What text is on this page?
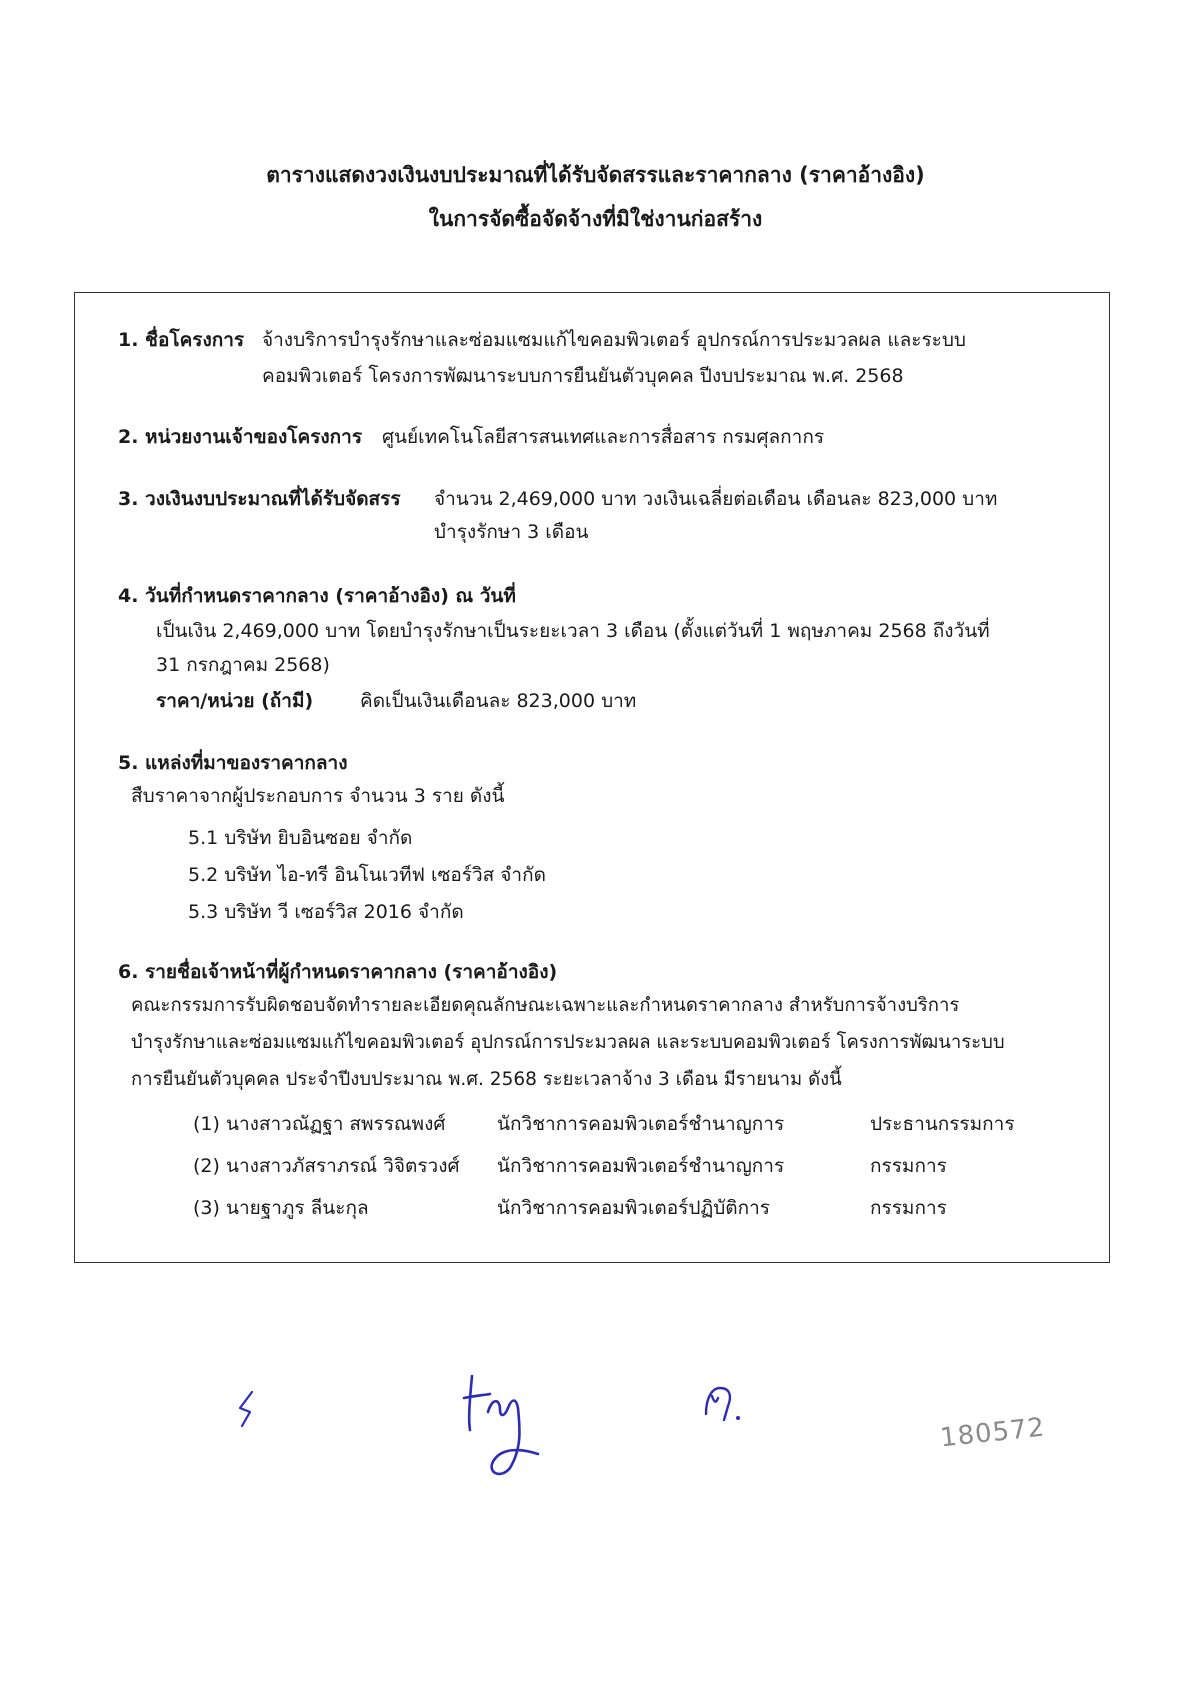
ตารางแสดงวงเงินงบประมาณที่ได้รับจัดสรรและราคากลาง (ราคาอ้างอิง)
ในการจัดซื้อจัดจ้างที่มิใช่งานก่อสร้าง
1. ชื่อโครงการ จ้างบริการบำรุงรักษาและซ่อมแซมแก้ไขคอมพิวเตอร์ อุปกรณ์การประมวลผล และระบบ
คอมพิวเตอร์ โครงการพัฒนาระบบการยืนยันตัวบุคคล ปีงบประมาณ พ.ศ. 2568
2. หน่วยงานเจ้าของโครงการ ศูนย์เทคโนโลยีสารสนเทศและการสื่อสาร กรมศุลกากร
3. วงเงินงบประมาณที่ได้รับจัดสรร จำนวน 2,469,000 บาท วงเงินเฉลี่ยต่อเดือน เดือนละ 823,000 บาท
บำรุงรักษา 3 เดือน
4. วันที่กำหนดราคากลาง (ราคาอ้างอิง) ณ วันที่
เป็นเงิน 2,469,000 บาท โดยบำรุงรักษาเป็นระยะเวลา 3 เดือน (ตั้งแต่วันที่ 1 พฤษภาคม 2568 ถึงวันที่
31 กรกฎาคม 2568)
ราคา/หน่วย (ถ้ามี) คิดเป็นเงินเดือนละ 823,000 บาท
5. แหล่งที่มาของราคากลาง
สืบราคาจากผู้ประกอบการ จำนวน 3 ราย ดังนี้
5.1 บริษัท ยิบอินซอย จำกัด
5.2 บริษัท ไอ-ทรี อินโนเวทีฟ เซอร์วิส จำกัด
5.3 บริษัท วี เซอร์วิส 2016 จำกัด
6. รายชื่อเจ้าหน้าที่ผู้กำหนดราคากลาง (ราคาอ้างอิง)
คณะกรรมการรับผิดชอบจัดทำรายละเอียดคุณลักษณะเฉพาะและกำหนดราคากลาง สำหรับการจ้างบริการ
บำรุงรักษาและซ่อมแซมแก้ไขคอมพิวเตอร์ อุปกรณ์การประมวลผล และระบบคอมพิวเตอร์ โครงการพัฒนาระบบ
การยืนยันตัวบุคคล ประจำปีงบประมาณ พ.ศ. 2568 ระยะเวลาจ้าง 3 เดือน มีรายนาม ดังนี้
(1) นางสาวณัฏฐา สพรรณพงศ์	นักวิชาการคอมพิวเตอร์ชำนาญการ	ประธานกรรมการ
(2) นางสาวภัสราภรณ์ วิจิตรวงศ์ นักวิชาการคอมพิวเตอร์ชำนาญการ	กรรมการ
(3) นายฐาภูร ลีนะกุล	นักวิชาการคอมพิวเตอร์ปฏิบัติการ	กรรมการ
180572
